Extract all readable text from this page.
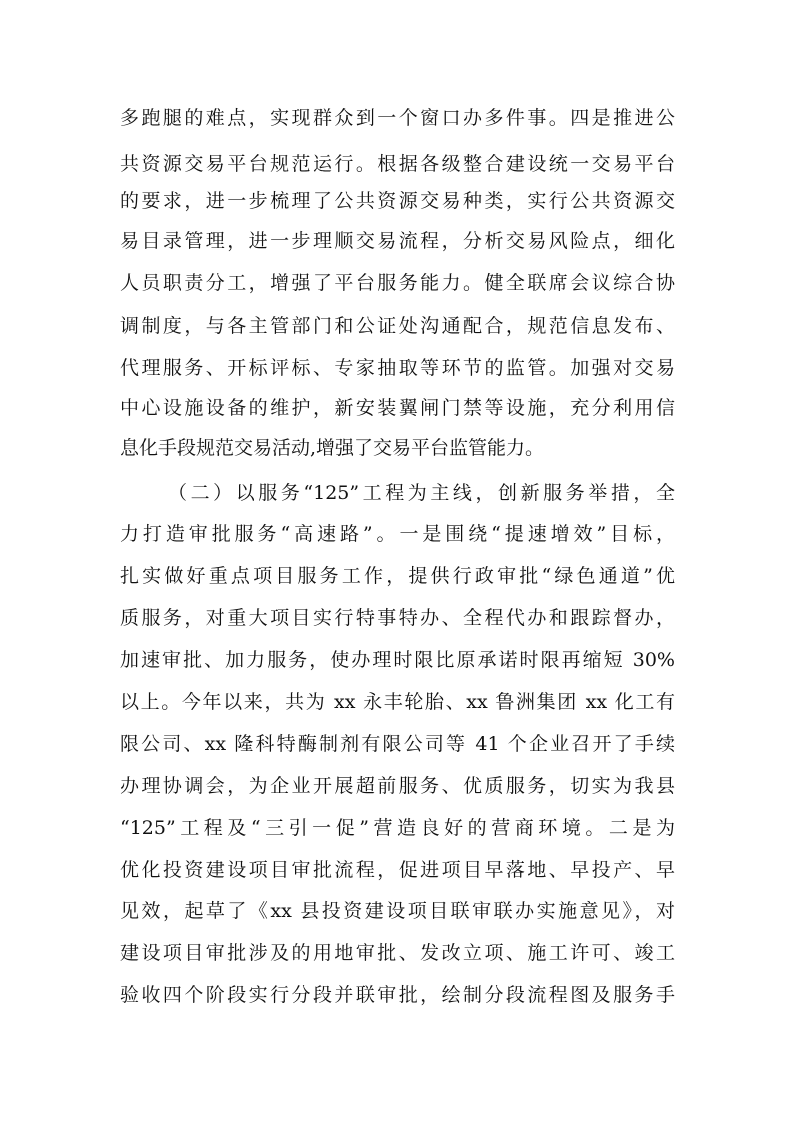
多跑腿的难点，实现群众到一个窗口办多件事。四是推进公
共资源交易平台规范运行。根据各级整合建设统一交易平台
的要求，进一步梳理了公共资源交易种类，实行公共资源交
易目录管理，进一步理顺交易流程，分析交易风险点，细化
人员职责分工，增强了平台服务能力。健全联席会议综合协
调制度，与各主管部门和公证处沟通配合，规范信息发布、
代理服务、开标评标、专家抽取等环节的监管。加强对交易
中心设施设备的维护，新安装翼闸门禁等设施，充分利用信
息化手段规范交易活动,增强了交易平台监管能力。
（二）以服务“125”工程为主线，创新服务举措，全
力打造审批服务“高速路”。一是围绕“提速增效”目标，
扎实做好重点项目服务工作，提供行政审批“绿色通道”优
质服务，对重大项目实行特事特办、全程代办和跟踪督办，
加速审批、加力服务，使办理时限比原承诺时限再缩短 30%
以上。今年以来，共为 xx 永丰轮胎、xx 鲁洲集团 xx 化工有
限公司、xx 隆科特酶制剂有限公司等 41 个企业召开了手续
办理协调会，为企业开展超前服务、优质服务，切实为我县
“125”工程及“三引一促”营造良好的营商环境。二是为
优化投资建设项目审批流程，促进项目早落地、早投产、早
见效，起草了《xx 县投资建设项目联审联办实施意见》，对
建设项目审批涉及的用地审批、发改立项、施工许可、竣工
验收四个阶段实行分段并联审批，绘制分段流程图及服务手
